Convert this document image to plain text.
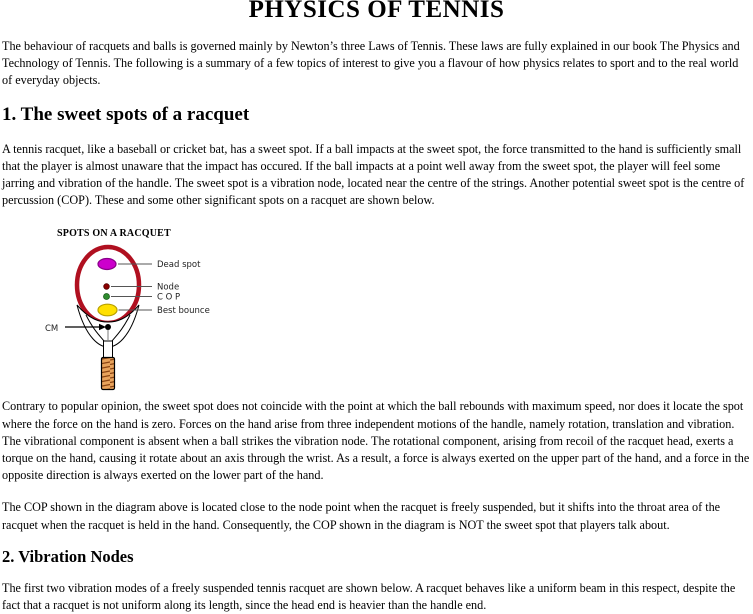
PHYSICS OF TENNIS

The behaviour of racquets and balls is governed mainly by Newton’s three Laws of Tennis. These laws are fully explained in our book The Physics and Technology of Tennis. The following is a summary of a few topics of interest to give you a flavour of how physics relates to sport and to the real world of everyday objects.

1. The sweet spots of a racquet

A tennis racquet, like a baseball or cricket bat, has a sweet spot. If a ball impacts at the sweet spot, the force transmitted to the hand is sufficiently small that the player is almost unaware that the impact has occured. If the ball impacts at a point well away from the sweet spot, the player will feel some jarring and vibration of the handle. The sweet spot is a vibration node, located near the centre of the strings. Another potential sweet spot is the centre of percussion (COP). These and some other significant spots on a racquet are shown below.

SPOTS ON A RACQUET
Dead spot
Node
C O P
Best bounce
CM

Contrary to popular opinion, the sweet spot does not coincide with the point at which the ball rebounds with maximum speed, nor does it locate the spot where the force on the hand is zero. Forces on the hand arise from three independent motions of the handle, namely rotation, translation and vibration. The vibrational component is absent when a ball strikes the vibration node. The rotational component, arising from recoil of the racquet head, exerts a torque on the hand, causing it rotate about an axis through the wrist. As a result, a force is always exerted on the upper part of the hand, and a force in the opposite direction is always exerted on the lower part of the hand.

The COP shown in the diagram above is located close to the node point when the racquet is freely suspended, but it shifts into the throat area of the racquet when the racquet is held in the hand. Consequently, the COP shown in the diagram is NOT the sweet spot that players talk about.

2. Vibration Nodes

The first two vibration modes of a freely suspended tennis racquet are shown below. A racquet behaves like a uniform beam in this respect, despite the fact that a racquet is not uniform along its length, since the head end is heavier than the handle end.
